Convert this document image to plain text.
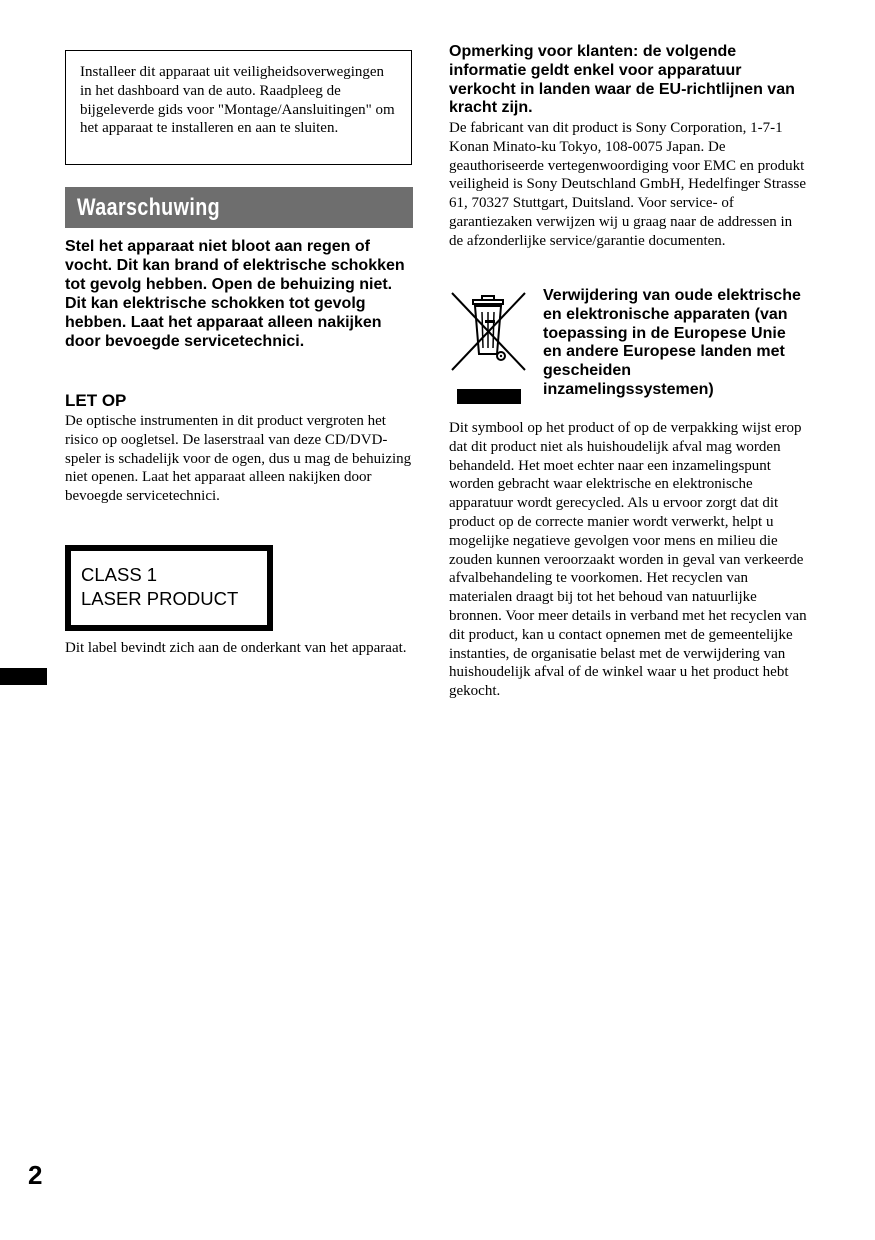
Installeer dit apparaat uit veiligheidsoverwegingen in het dashboard van de auto. Raadpleeg de bijgeleverde gids voor "Montage/Aansluitingen" om het apparaat te installeren en aan te sluiten.
Waarschuwing
Stel het apparaat niet bloot aan regen of vocht. Dit kan brand of elektrische schokken tot gevolg hebben. Open de behuizing niet. Dit kan elektrische schokken tot gevolg hebben. Laat het apparaat alleen nakijken door bevoegde servicetechnici.
LET OP
De optische instrumenten in dit product vergroten het risico op oogletsel. De laserstraal van deze CD/DVD-speler is schadelijk voor de ogen, dus u mag de behuizing niet openen. Laat het apparaat alleen nakijken door bevoegde servicetechnici.
CLASS 1
LASER PRODUCT
Dit label bevindt zich aan de onderkant van het apparaat.
2
Opmerking voor klanten: de volgende informatie geldt enkel voor apparatuur verkocht in landen waar de EU-richtlijnen van kracht zijn.
De fabricant van dit product is Sony Corporation, 1-7-1 Konan Minato-ku Tokyo, 108-0075 Japan. De geauthoriseerde vertegenwoordiging voor EMC en produkt veiligheid is Sony Deutschland GmbH, Hedelfinger Strasse 61, 70327 Stuttgart, Duitsland. Voor service- of garantiezaken verwijzen wij u graag naar de addressen in de afzonderlijke service/garantie documenten.
Verwijdering van oude elektrische en elektronische apparaten (van toepassing in de Europese Unie en andere Europese landen met gescheiden inzamelingssystemen)
Dit symbool op het product of op de verpakking wijst erop dat dit product niet als huishoudelijk afval mag worden behandeld. Het moet echter naar een inzamelingspunt worden gebracht waar elektrische en elektronische apparatuur wordt gerecycled. Als u ervoor zorgt dat dit product op de correcte manier wordt verwerkt, helpt u mogelijke negatieve gevolgen voor mens en milieu die zouden kunnen veroorzaakt worden in geval van verkeerde afvalbehandeling te voorkomen. Het recyclen van materialen draagt bij tot het behoud van natuurlijke bronnen. Voor meer details in verband met het recyclen van dit product, kan u contact opnemen met de gemeentelijke instanties, de organisatie belast met de verwijdering van huishoudelijk afval of de winkel waar u het product hebt gekocht.
